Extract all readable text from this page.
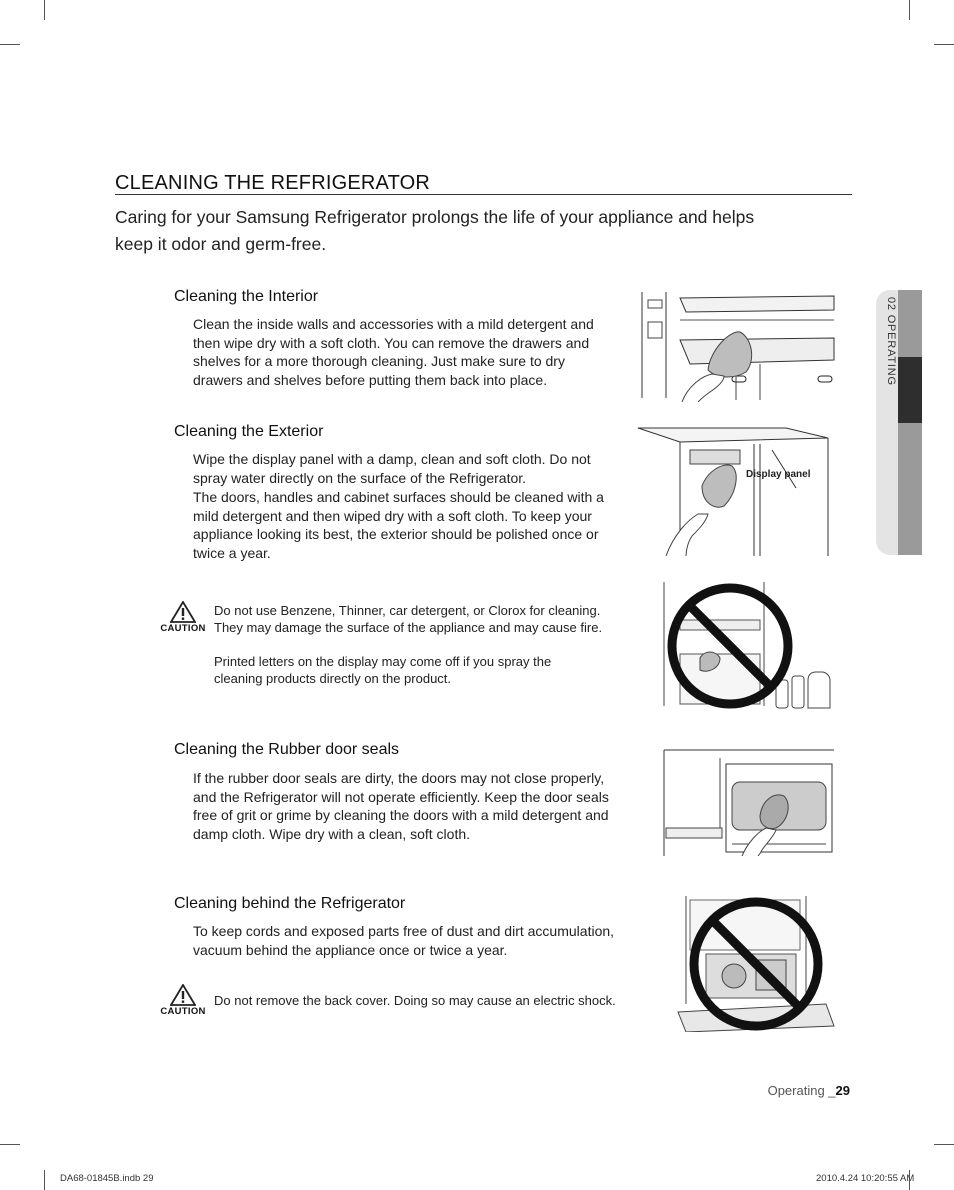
CLEANING THE REFRIGERATOR
Caring for your Samsung Refrigerator prolongs the life of your appliance and helps keep it odor and germ-free.
02 OPERATING
Cleaning the Interior
Clean the inside walls and accessories with a mild detergent and then wipe dry with a soft cloth. You can remove the drawers and shelves for a more thorough cleaning. Just make sure to dry drawers and shelves before putting them back into place.
Cleaning the Exterior
Wipe the display panel with a damp, clean and soft cloth. Do not spray water directly on the surface of the Refrigerator.
The doors, handles and cabinet surfaces should be cleaned with a mild detergent and then wiped dry with a soft cloth. To keep your appliance looking its best, the exterior should be polished once or twice a year.
CAUTION
Do not use Benzene, Thinner, car detergent, or Clorox for cleaning. They may damage the surface of the appliance and may cause fire.
Printed letters on the display may come off if you spray the cleaning products directly on the product.
Cleaning the Rubber door seals
If the rubber door seals are dirty, the doors may not close properly, and the Refrigerator will not operate efficiently. Keep the door seals free of grit or grime by cleaning the doors with a mild detergent and damp cloth. Wipe dry with a clean, soft cloth.
Cleaning behind the Refrigerator
To keep cords and exposed parts free of dust and dirt accumulation, vacuum behind the appliance once or twice a year.
CAUTION
Do not remove the back cover. Doing so may cause an electric shock.
Display panel
Operating _29
DA68-01845B.indb 29	2010.4.24 10:20:55 AM
